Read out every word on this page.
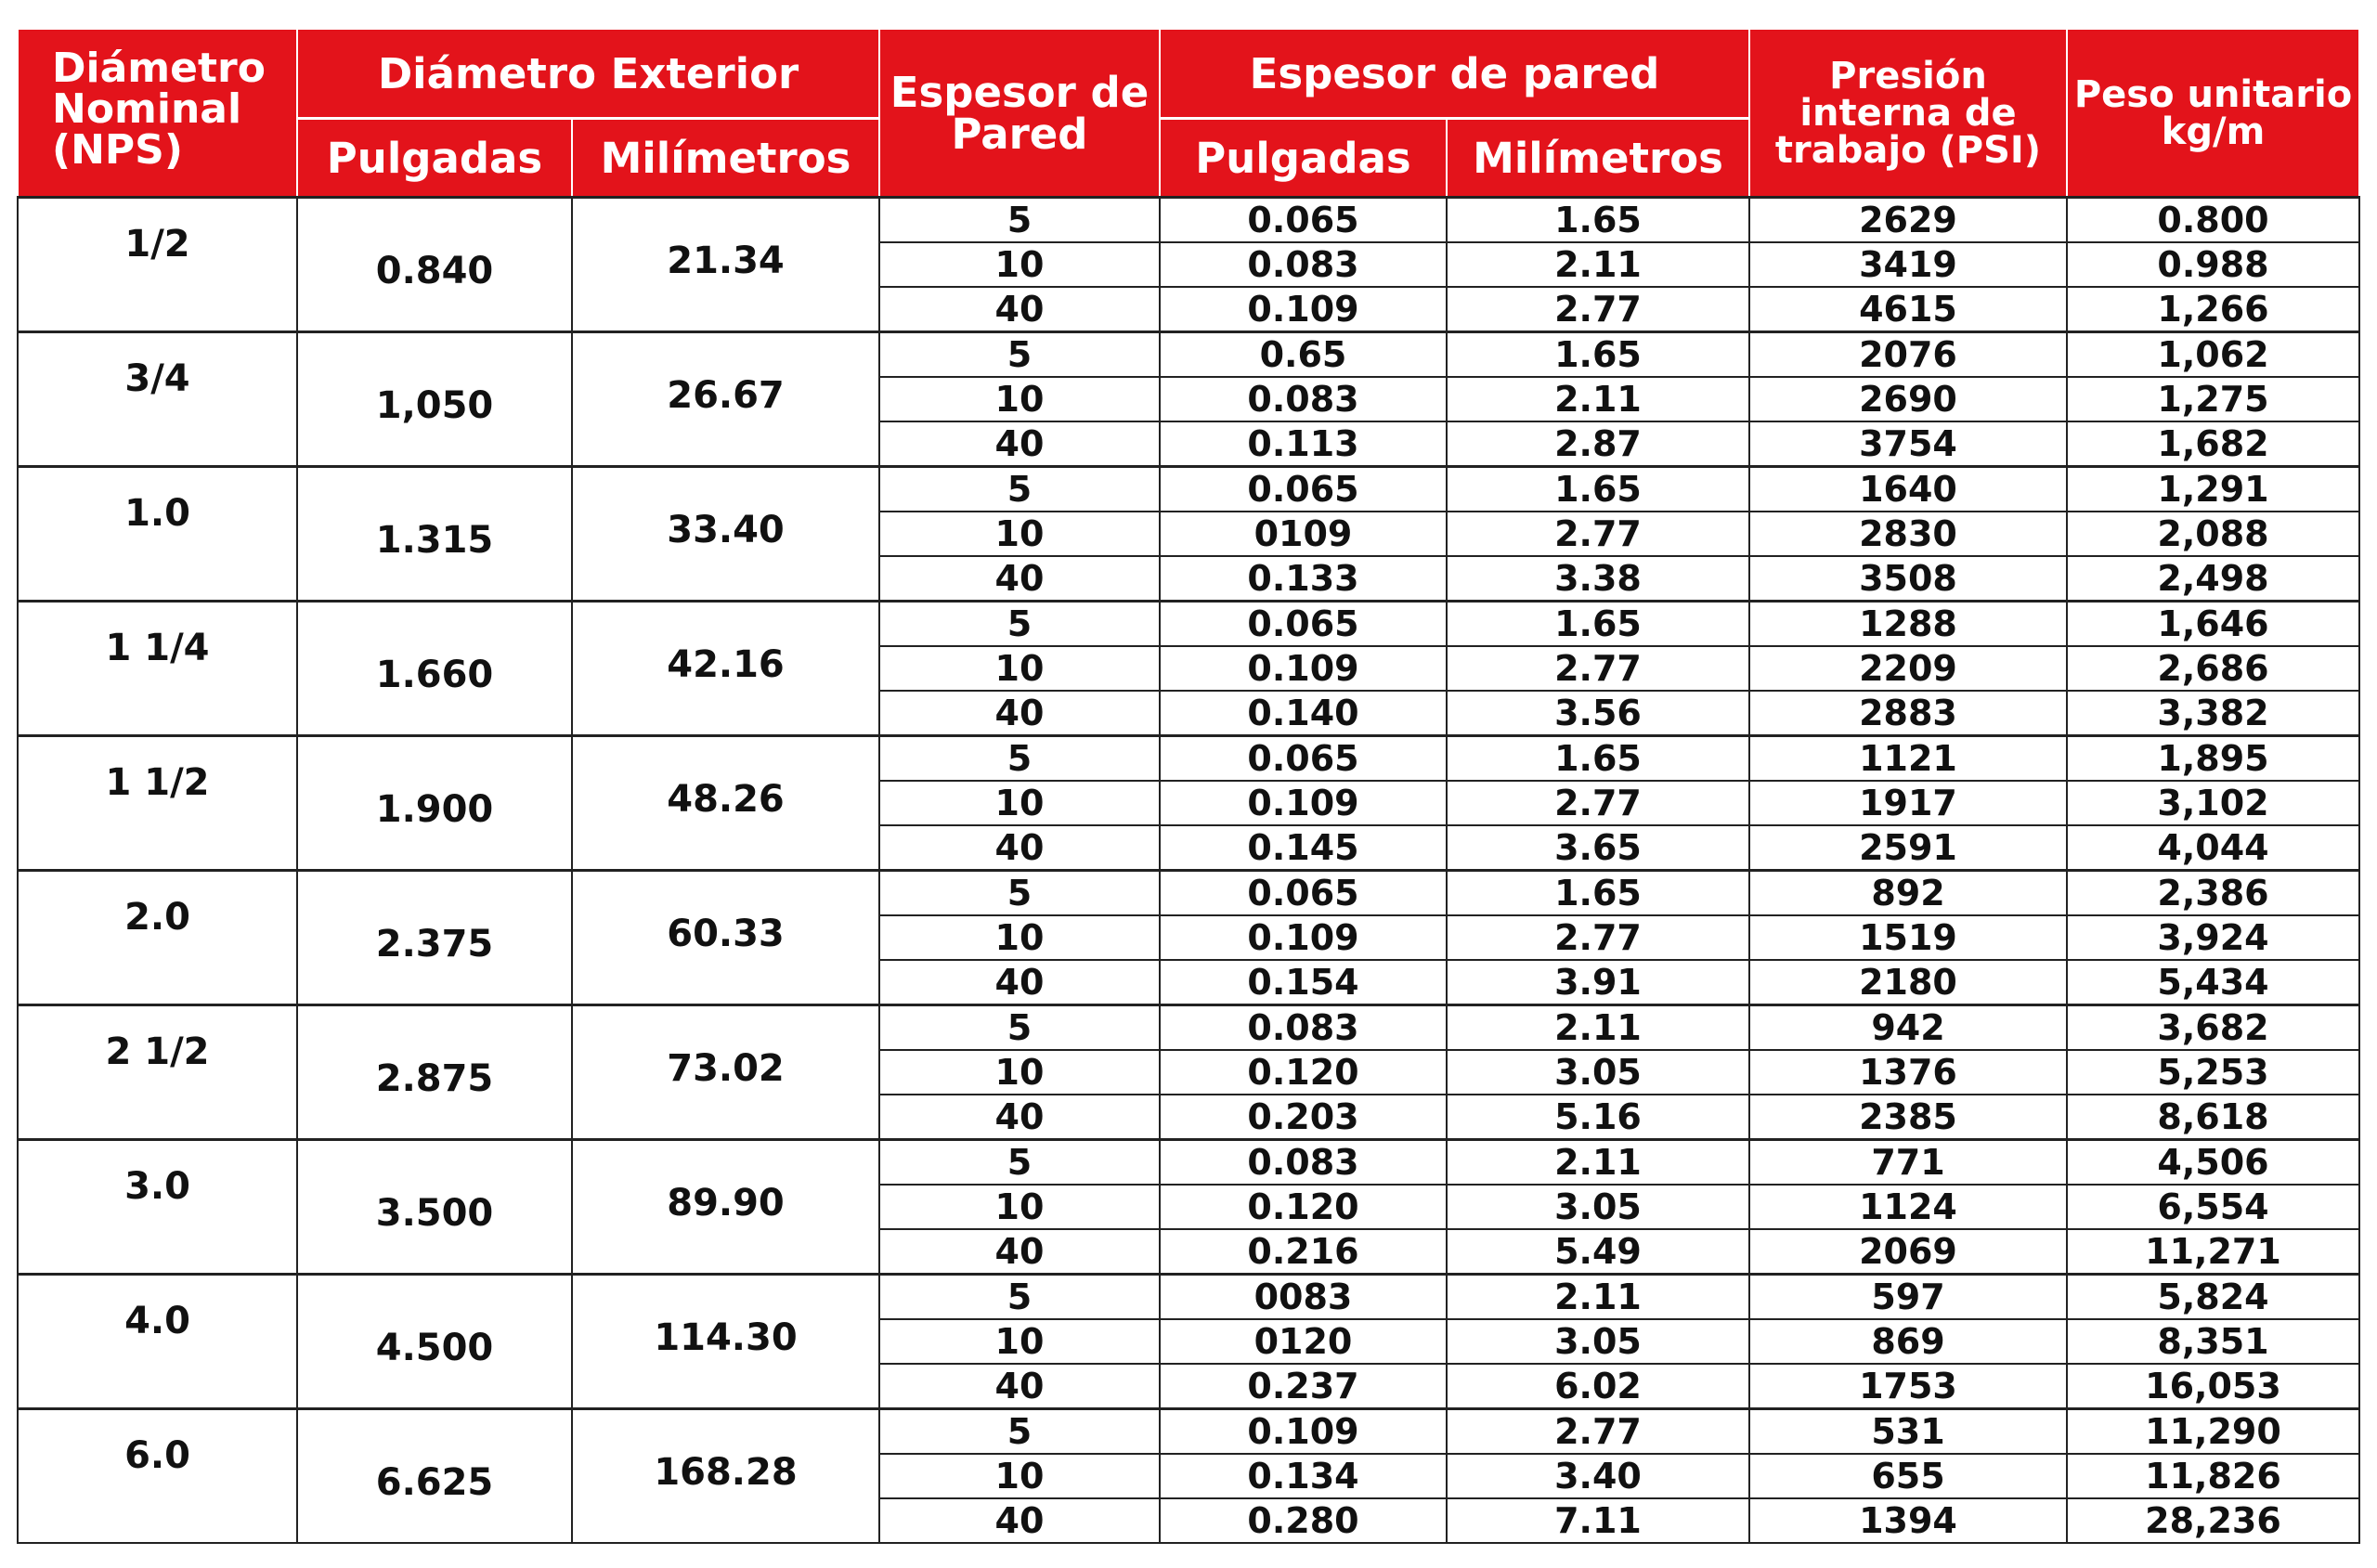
Diámetro Nominal (NPS)	Diámetro Exterior		Espesor de Pared	Espesor de pared		Presión interna de trabajo (PSI)	Peso unitario kg/m
	Pulgadas	Milímetros		Pulgadas	Milímetros		
1/2	0.840	21.34	5	0.065	1.65	2629	0.800
			10	0.083	2.11	3419	0.988
			40	0.109	2.77	4615	1,266
3/4	1,050	26.67	5	0.65	1.65	2076	1,062
			10	0.083	2.11	2690	1,275
			40	0.113	2.87	3754	1,682
1.0	1.315	33.40	5	0.065	1.65	1640	1,291
			10	0109	2.77	2830	2,088
			40	0.133	3.38	3508	2,498
1 1/4	1.660	42.16	5	0.065	1.65	1288	1,646
			10	0.109	2.77	2209	2,686
			40	0.140	3.56	2883	3,382
1 1/2	1.900	48.26	5	0.065	1.65	1121	1,895
			10	0.109	2.77	1917	3,102
			40	0.145	3.65	2591	4,044
2.0	2.375	60.33	5	0.065	1.65	892	2,386
			10	0.109	2.77	1519	3,924
			40	0.154	3.91	2180	5,434
2 1/2	2.875	73.02	5	0.083	2.11	942	3,682
			10	0.120	3.05	1376	5,253
			40	0.203	5.16	2385	8,618
3.0	3.500	89.90	5	0.083	2.11	771	4,506
			10	0.120	3.05	1124	6,554
			40	0.216	5.49	2069	11,271
4.0	4.500	114.30	5	0083	2.11	597	5,824
			10	0120	3.05	869	8,351
			40	0.237	6.02	1753	16,053
6.0	6.625	168.28	5	0.109	2.77	531	11,290
			10	0.134	3.40	655	11,826
			40	0.280	7.11	1394	28,236
